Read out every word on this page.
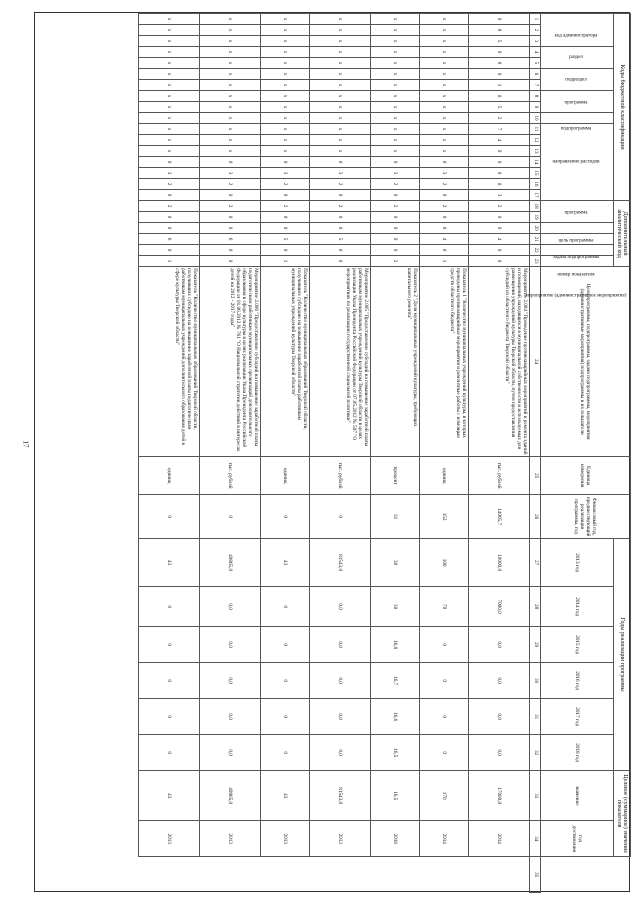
17
Коды бюджетной классификации																	Дополнительный аналитический код						Цели программы, подпрограммы, задачи подпрограммы, мероприятия (административные мероприятия) подпрограммы и их показатели	Единица измерения	Финансовый год, предшествующий реализации программы, год	Годы реализации программы						Целевое (суммарное) значение показателя		
код администратора			раздел		подраздел		программа		подпрограмма	направление расходов							программа		цель программы	задача подпрограммы	мероприятие (административное мероприятие)	номер показателя				2013 год	2014 год	2015 год	2016 год	2017 год	2018 год	значение	год достижения	
1	2	3	4	5	6	7	8	9	10	11	12	13	14	15	16	17	18	19	20	21	22	23	24	25	26	27	28	29	30	31	32	33	34	35
0	8	5	0	8	0	1	0	5	2	7	4	0	0	0	0	3	2	0	0	4	0	0	Мероприятие 2.004 "Проведение противоаварийных мероприятий и ремонта зданий и помещений, находящихся в муниципальной собственности и используемых для размещения учреждений культуры Тверской области, путем предоставления субсидий из областного бюджета Тверской области"	тыс. рублей	14065,7	10000,0	7000,0	0,0	0,0	0,0	0,0	17000,0	2014	
х	х	х	х	х	х	х	х	х	х	х	х	х	0	3	2	0	2	0	0	4	0	1	Показатель 1 "Количество муниципальных учреждений культуры, в которых проведены противоаварийные мероприятия и ремонтные работы с помощью средств областного бюджета"	единиц	152	100	70	0	0	0	0	170	2014	
х	х	х	х	х	х	х	х	х	х	х	х	х	0	3	2	0	2	0	0	0	0	2	Показатель 2 "Доля муниципальных учреждений культуры, требующих капитального ремонта"	процент	31	30	30	16,8	16,7	16,6	16,5	16,5	2018	
х	х	х	х	х	х	х	х	х	х	х	х	х	0	3	2	0	2	0	0	5	0	0	Мероприятие 2.005 "Предоставление субсидий на повышение заработной платы работникам муниципальных учреждений культуры Тверской области в целях реализации Указа Президента Российской Федерации от 07.05.2012 № 597 "О мероприятиях по реализации государственной социальной политики"	тыс. рублей	0	81543,0	0,0	0,0	0,0	0,0	0,0	81543,0	2013	
х	х	х	х	х	х	х	х	х	х	х	х	х	0	3	2	0	2	0	0	5	0	1	Показатель "Количество муниципальных образований Тверской области, получивших субсидию на повышение заработной платы работникам муниципальных учреждений культуры Тверской области"	единиц	0	43	0	0	0	0	0	43	2013	
х	х	х	х	х	х	х	х	х	х	х	х	х	0	3	2	0	2	0	0	6	0	0	Мероприятие 2.006 "Предоставление субсидий на повышение заработной платы педагогическим работникам муниципальных организаций дополнительного образования в сфере культуры в целях реализации Указа Президента Российской Федерации от 01.06.2012 № 761 "О Национальной стратегии действий в интересах детей на 2012 - 2017 годы"	тыс. рублей	0	49865,0	0,0	0,0	0,0	0,0	0,0	49865,0	2013	
х	х	х	х	х	х	х	х	х	х	х	х	х	0	3	2	0	2	0	0	6	0	1	Показатель "Количество муниципальных образований Тверской области, получивших субсидию на повышение заработной платы педагогическим работникам муниципальных учреждений дополнительного образования детей в сфере культуры Тверской области"	единиц	0	43	0	0	0	0	0	43	2013	
